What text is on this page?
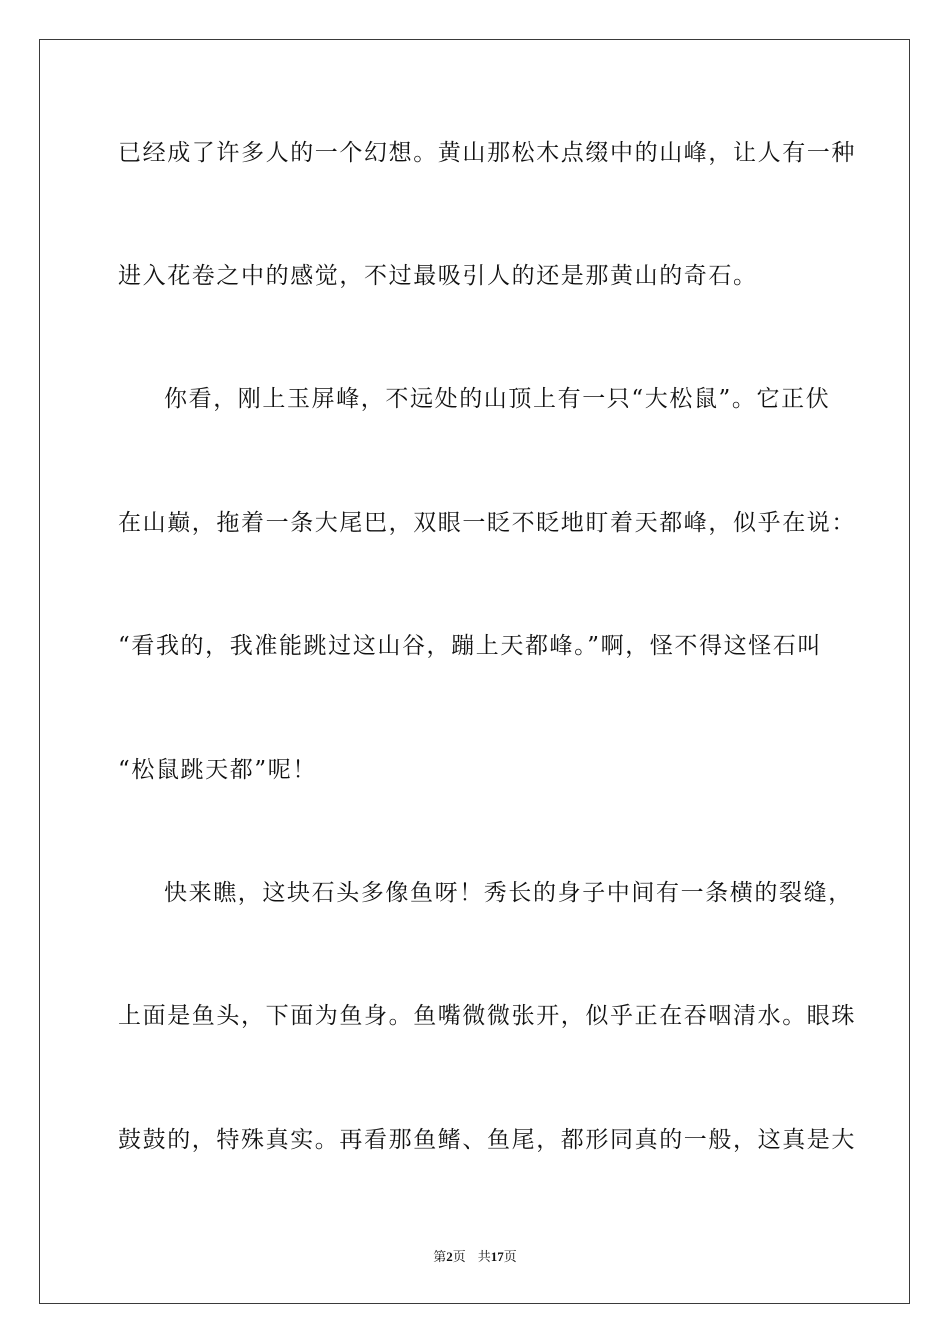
已经成了许多人的一个幻想。黄山那松木点缀中的山峰，让人有一种
进入花卷之中的感觉，不过最吸引人的还是那黄山的奇石。
你看，刚上玉屏峰，不远处的山顶上有一只“大松鼠”。它正伏
在山巅，拖着一条大尾巴，双眼一眨不眨地盯着天都峰，似乎在说：
“看我的，我准能跳过这山谷，蹦上天都峰。”啊，怪不得这怪石叫
“松鼠跳天都”呢！
快来瞧，这块石头多像鱼呀！秀长的身子中间有一条横的裂缝，
上面是鱼头，下面为鱼身。鱼嘴微微张开，似乎正在吞咽清水。眼珠
鼓鼓的，特殊真实。再看那鱼鳍、鱼尾，都形同真的一般，这真是大
第2页 共17页
